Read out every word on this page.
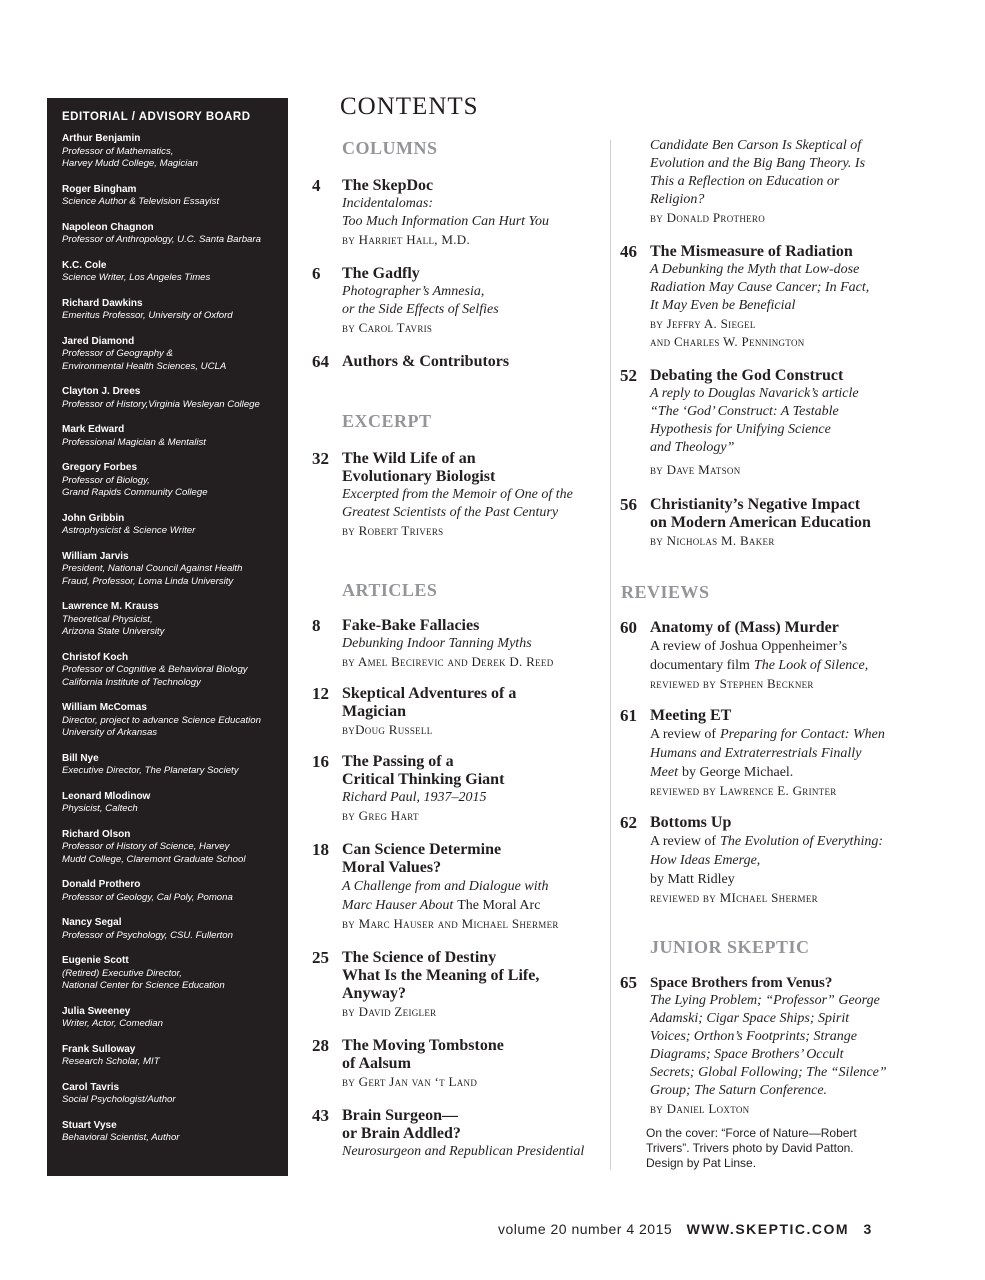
EDITORIAL / ADVISORY BOARD
Arthur Benjamin
Professor of Mathematics,
Harvey Mudd College, Magician
Roger Bingham
Science Author & Television Essayist
Napoleon Chagnon
Professor of Anthropology, U.C. Santa Barbara
K.C. Cole
Science Writer, Los Angeles Times
Richard Dawkins
Emeritus Professor, University of Oxford
Jared Diamond
Professor of Geography &
Environmental Health Sciences, UCLA
Clayton J. Drees
Professor of History,Virginia Wesleyan College
Mark Edward
Professional Magician & Mentalist
Gregory Forbes
Professor of Biology,
Grand Rapids Community College
John Gribbin
Astrophysicist & Science Writer
William Jarvis
President, National Council Against Health
Fraud, Professor, Loma Linda University
Lawrence M. Krauss
Theoretical Physicist,
Arizona State University
Christof Koch
Professor of Cognitive & Behavioral Biology
California Institute of Technology
William McComas
Director, project to advance Science Education
University of Arkansas
Bill Nye
Executive Director, The Planetary Society
Leonard Mlodinow
Physicist, Caltech
Richard Olson
Professor of History of Science, Harvey
Mudd College, Claremont Graduate School
Donald Prothero
Professor of Geology, Cal Poly, Pomona
Nancy Segal
Professor of Psychology, CSU. Fullerton
Eugenie Scott
(Retired) Executive Director,
National Center for Science Education
Julia Sweeney
Writer, Actor, Comedian
Frank Sulloway
Research Scholar, MIT
Carol Tavris
Social Psychologist/Author
Stuart Vyse
Behavioral Scientist, Author
CONTENTS
COLUMNS
4	The SkepDoc
Incidentalomas:
Too Much Information Can Hurt You
by Harriet Hall, M.D.
6	The Gadfly
Photographer’s Amnesia,
or the Side Effects of Selfies
by Carol Tavris
64 Authors & Contributors
EXCERPT
32 The Wild Life of an
Evolutionary Biologist
Excerpted from the Memoir of One of the
Greatest Scientists of the Past Century
by Robert Trivers
ARTICLES
8	Fake-Bake Fallacies
Debunking Indoor Tanning Myths
by Amel Becirevic and Derek D. Reed
12 Skeptical Adventures of a
Magician
byDoug Russell
16 The Passing of a
Critical Thinking Giant
Richard Paul, 1937–2015
by Greg Hart
18 Can Science Determine
Moral Values?
A Challenge from and Dialogue with
Marc Hauser About The Moral Arc
by Marc Hauser and Michael Shermer
25 The Science of Destiny
What Is the Meaning of Life,
Anyway?
by David Zeigler
28 The Moving Tombstone
of Aalsum
by Gert Jan van ‘t Land
43 Brain Surgeon—
or Brain Addled?
Neurosurgeon and Republican Presidential
Candidate Ben Carson Is Skeptical of
Evolution and the Big Bang Theory. Is
This a Reflection on Education or
Religion?
by Donald Prothero
46 The Mismeasure of Radiation
A Debunking the Myth that Low-dose
Radiation May Cause Cancer; In Fact,
It May Even be Beneficial
by Jeffry A. Siegel
and Charles W. Pennington
52 Debating the God Construct
A reply to Douglas Navarick’s article
“The ‘God’ Construct: A Testable
Hypothesis for Unifying Science
and Theology”
by Dave Matson
56 Christianity’s Negative Impact
on Modern American Education
by Nicholas M. Baker
REVIEWS
60 Anatomy of (Mass) Murder
A review of Joshua Oppenheimer’s
documentary film The Look of Silence,
reviewed by Stephen Beckner
61 Meeting ET
A review of Preparing for Contact: When
Humans and Extraterrestrials Finally
Meet by George Michael.
reviewed by Lawrence E. Grinter
62 Bottoms Up
A review of The Evolution of Everything:
How Ideas Emerge,
by Matt Ridley
reviewed by MIchael Shermer
JUNIOR SKEPTIC
65 Space Brothers from Venus?
The Lying Problem; “Professor” George
Adamski; Cigar Space Ships; Spirit
Voices; Orthon’s Footprints; Strange
Diagrams; Space Brothers’ Occult
Secrets; Global Following; The “Silence”
Group; The Saturn Conference.
by Daniel Loxton
On the cover: “Force of Nature—Robert
Trivers”. Trivers photo by David Patton.
Design by Pat Linse.
volume 20 number 4 2015 WWW.SKEPTIC.COM 3
